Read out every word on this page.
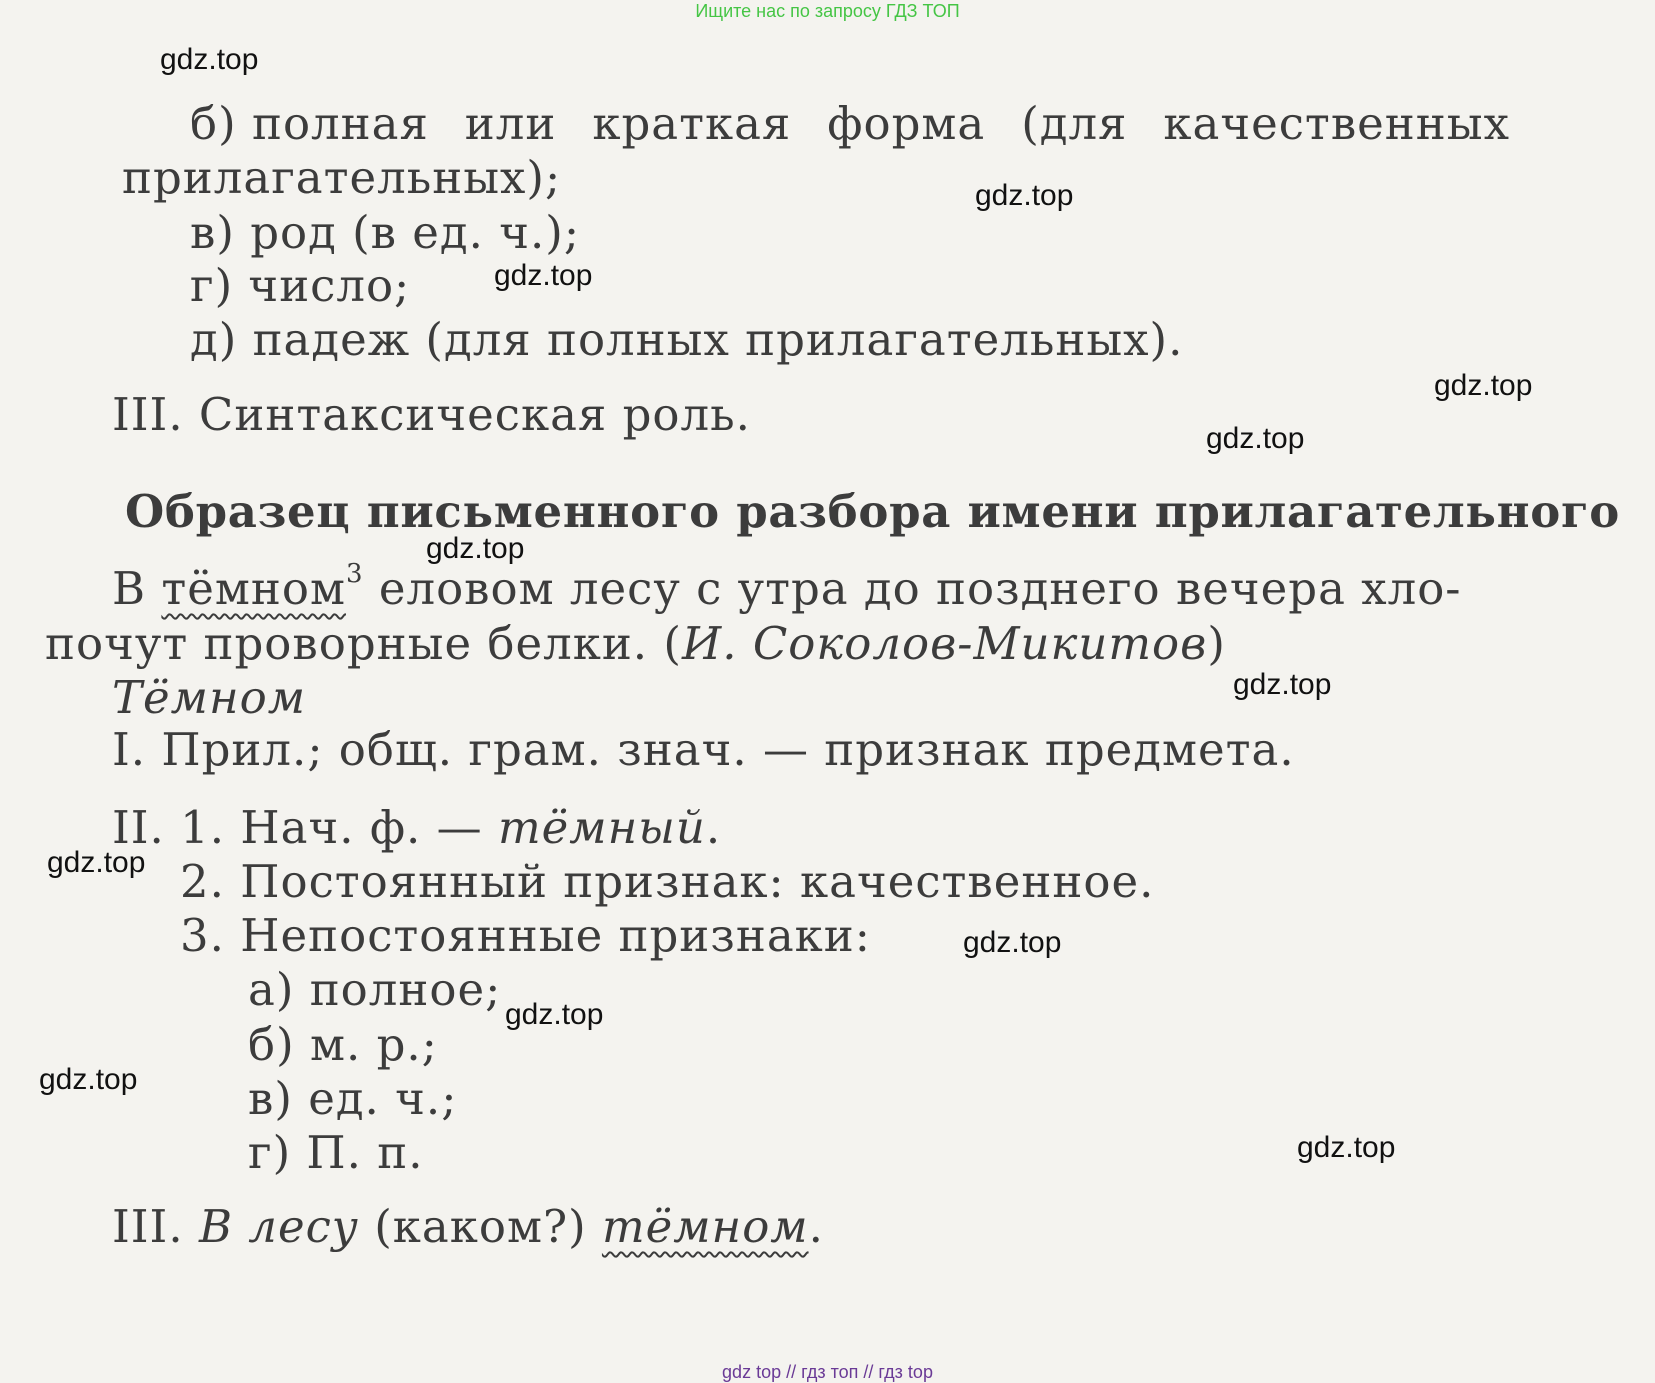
Ищите нас по запросу ГДЗ ТОП
б) полная или краткая форма (для качественных
прилагательных);
в) род (в ед. ч.);
г) число;
д) падеж (для полных прилагательных).
III. Синтаксическая роль.
Образец письменного разбора имени прилагательного
В тёмном$^3$ еловом лесу с утра до позднего вечера хло-
почут проворные белки. (И. Соколов-Микитов)
Тёмном
I. Прил.; общ. грам. знач. — признак предмета.
II. 1. Нач. ф. — тёмный.
2. Постоянный признак: качественное.
3. Непостоянные признаки:
а) полное;
б) м. р.;
в) ед. ч.;
г) П. п.
III. В лесу (каком?) тёмном.
gdz.top
gdz.top
gdz.top
gdz.top
gdz.top
gdz.top
gdz.top
gdz.top
gdz.top
gdz.top
gdz.top
gdz.top
gdz top // гдз топ // гдз top
